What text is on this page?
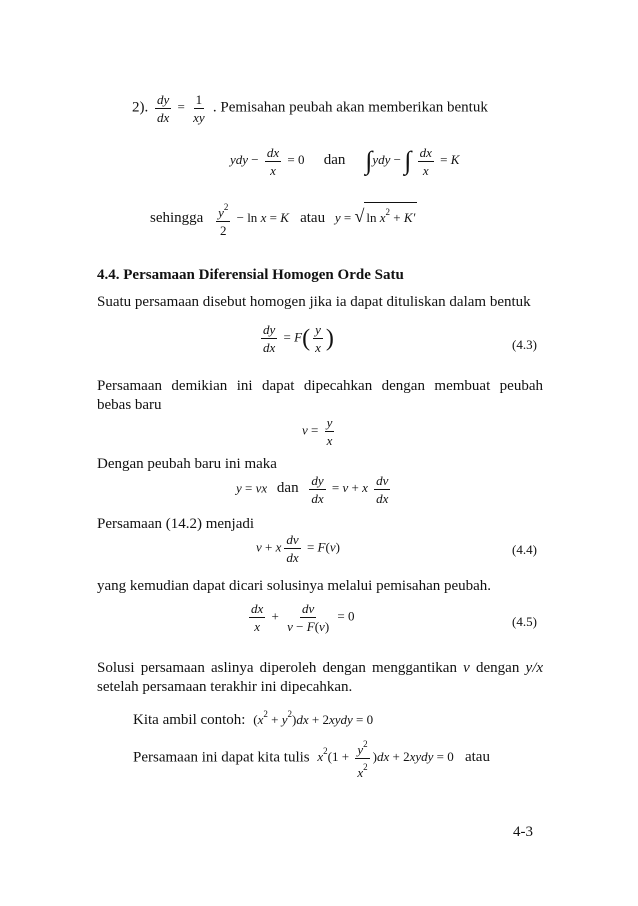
2). $\frac{dy}{dx} = \frac{1}{xy}$ . Pemisahan peubah akan memberikan bentuk
ydy − $\frac{dx}{x} = 0$ dan ∫ydy − ∫ $\frac{dx}{x} = K$
sehingga $\frac{y^2}{2} - \ln x = K$ atau y = √ $\ln x^2 + K'$
4.4. Persamaan Diferensial Homogen Orde Satu
Suatu persamaan disebut homogen jika ia dapat dituliskan dalam bentuk
$\frac{dy}{dx} = F( \frac{y}{x}$ )	(4.3)
Persamaan demikian ini dapat dipecahkan dengan membuat peubah
bebas baru
$v = \frac{y}{x}$
Dengan peubah baru ini maka
y = vx dan $\frac{dy}{dx} = v + x \frac{dv}{dx}$
Persamaan (14.2) menjadi
v + x $\frac{dv}{dx} = F(v)$	(4.4)
yang kemudian dapat dicari solusinya melalui pemisahan peubah.
$\frac{dx}{x} + \frac{dv}{v - F(v)} = 0$	(4.5)
Solusi persamaan aslinya diperoleh dengan menggantikan v dengan y/x
setelah persamaan terakhir ini dipecahkan.
Kita ambil contoh: $(x^2 + y^2)dx$ + 2xydy = 0
Persamaan ini dapat kita tulis $x^2(1 + \frac{y^2}{x^2} )dx$ + 2xydy = 0 atau
4-3
